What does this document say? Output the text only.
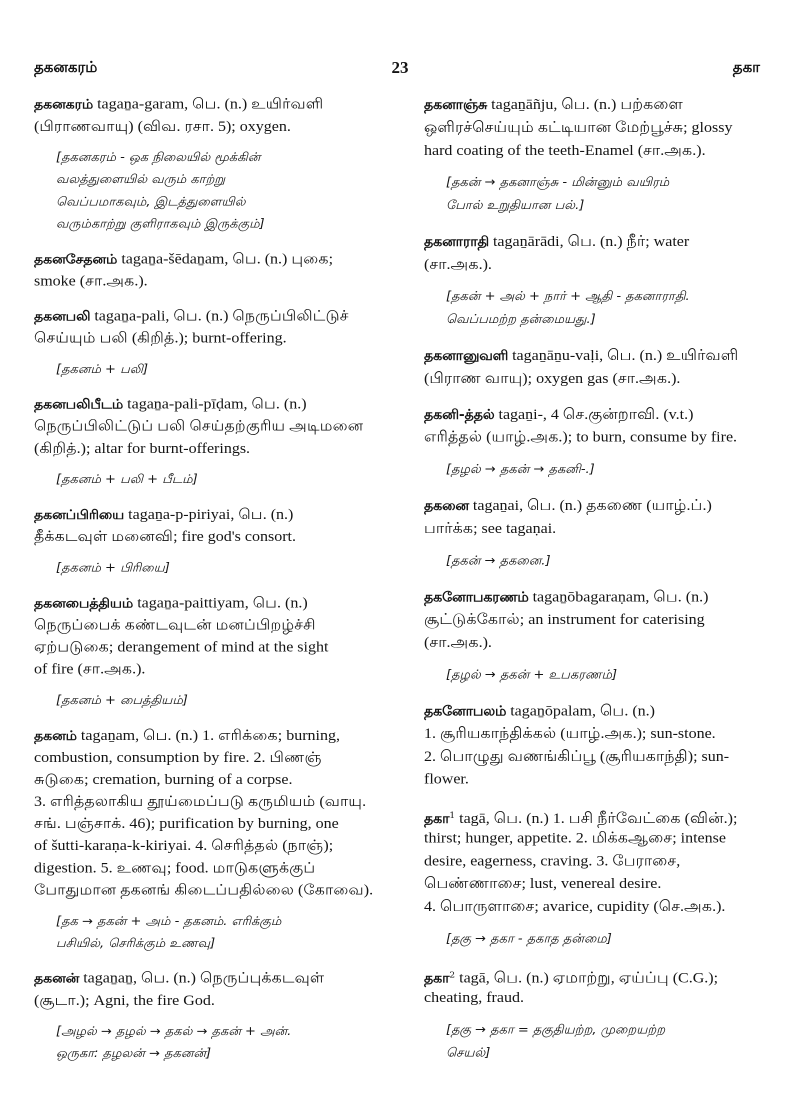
தகனகரம்	23	தகா
தகனகரம் tagaṉa-garam, பெ. (n.) உயிர்வளி
(பிராணவாயு) (விவ. ரசா. 5); oxygen.
[தகனகரம் - ஒக நிலையில் மூக்கின்
வலத்துளையில் வரும் காற்று
வெப்பமாகவும், இடத்துளையில்
வரும்காற்று குளிராகவும் இருக்கும்]
தகனசேதனம் tagaṉa-šēdaṉam, பெ. (n.) புகை;
smoke (சா.அக.).
தகனபலி tagaṉa-pali, பெ. (n.) நெருப்பிலிட்டுச்
செய்யும் பலி (கிறித்.); burnt-offering.
[தகனம் + பலி]
தகனபலிபீடம் tagaṉa-pali-pīḍam, பெ. (n.)
நெருப்பிலிட்டுப் பலி செய்தற்குரிய அடிமனை
(கிறித்.); altar for burnt-offerings.
[தகனம் + பலி + பீடம்]
தகனப்பிரியை tagaṉa-p-piriyai, பெ. (n.)
தீக்கடவுள் மனைவி; fire god's consort.
[தகனம் + பிரியை]
தகனபைத்தியம் tagaṉa-paittiyam, பெ. (n.)
நெருப்பைக் கண்டவுடன் மனப்பிறழ்ச்சி
ஏற்படுகை; derangement of mind at the sight
of fire (சா.அக.).
[தகனம் + பைத்தியம்]
தகனம் tagaṉam, பெ. (n.) 1. எரிக்கை; burning,
combustion, consumption by fire. 2. பிணஞ்
சுடுகை; cremation, burning of a corpse.
3. எரித்தலாகிய தூய்மைப்படு கருமியம் (வாயு.
சங். பஞ்சாக். 46); purification by burning, one
of šutti-karaṇa-k-kiriyai. 4. செரித்தல் (நாஞ்);
digestion. 5. உணவு; food. மாடுகளுக்குப்
போதுமான தகனங் கிடைப்பதில்லை (கோவை).
[தக → தகன் + அம் - தகனம். எரிக்கும்
பசியில், செரிக்கும் உணவு]
தகனன் tagaṉaṉ, பெ. (n.) நெருப்புக்கடவுள்
(சூடா.); Agni, the fire God.
[அழல் → தழல் → தகல் → தகன் + அன்.
ஒருகா: தழலன் → தகனன்]
தகனாஞ்சு tagaṉāñju, பெ. (n.) பற்களை
ஒளிரச்செய்யும் கட்டியான மேற்பூச்சு; glossy
hard coating of the teeth-Enamel (சா.அக.).
[தகன் → தகனாஞ்சு - மின்னும் வயிரம்
போல் உறுதியான பல்.]
தகனாராதி tagaṉārādi, பெ. (n.) நீர்; water
(சா.அக.).
[தகன் + அல் + நார் + ஆதி - தகனாராதி.
வெப்பமற்ற தன்மையது.]
தகனானுவளி tagaṉāṉu-vaḷi, பெ. (n.) உயிர்வளி
(பிராண வாயு); oxygen gas (சா.அக.).
தகனி-த்தல் tagaṉi-, 4 செ.குன்றாவி. (v.t.)
எரித்தல் (யாழ்.அக.); to burn, consume by fire.
[தழல் → தகன் → தகனி-.]
தகனை tagaṉai, பெ. (n.) தகணை (யாழ்.ப்.)
பார்க்க; see tagaṇai.
[தகன் → தகனை.]
தகனோபகரணம் tagaṉōbagaraṇam, பெ. (n.)
சூட்டுக்கோல்; an instrument for caterising
(சா.அக.).
[தழல் → தகன் + உபகரணம்]
தகனோபலம் tagaṉōpalam, பெ. (n.)
1. சூரியகாந்திக்கல் (யாழ்.அக.); sun-stone.
2. பொழுது வணங்கிப்பூ (சூரியகாந்தி); sun-
flower.
தகா$^1$ tagā, பெ. (n.) 1. பசி நீர்வேட்கை (வின்.);
thirst; hunger, appetite. 2. மிக்கஆசை; intense
desire, eagerness, craving. 3. பேராசை,
பெண்ணாசை; lust, venereal desire.
4. பொருளாசை; avarice, cupidity (செ.அக.).
[தகு → தகா - தகாத தன்மை]
தகா$^2$ tagā, பெ. (n.) ஏமாற்று, ஏய்ப்பு (C.G.);
cheating, fraud.
[தகு → தகா = தகுதியற்ற, முறையற்ற
செயல்]
